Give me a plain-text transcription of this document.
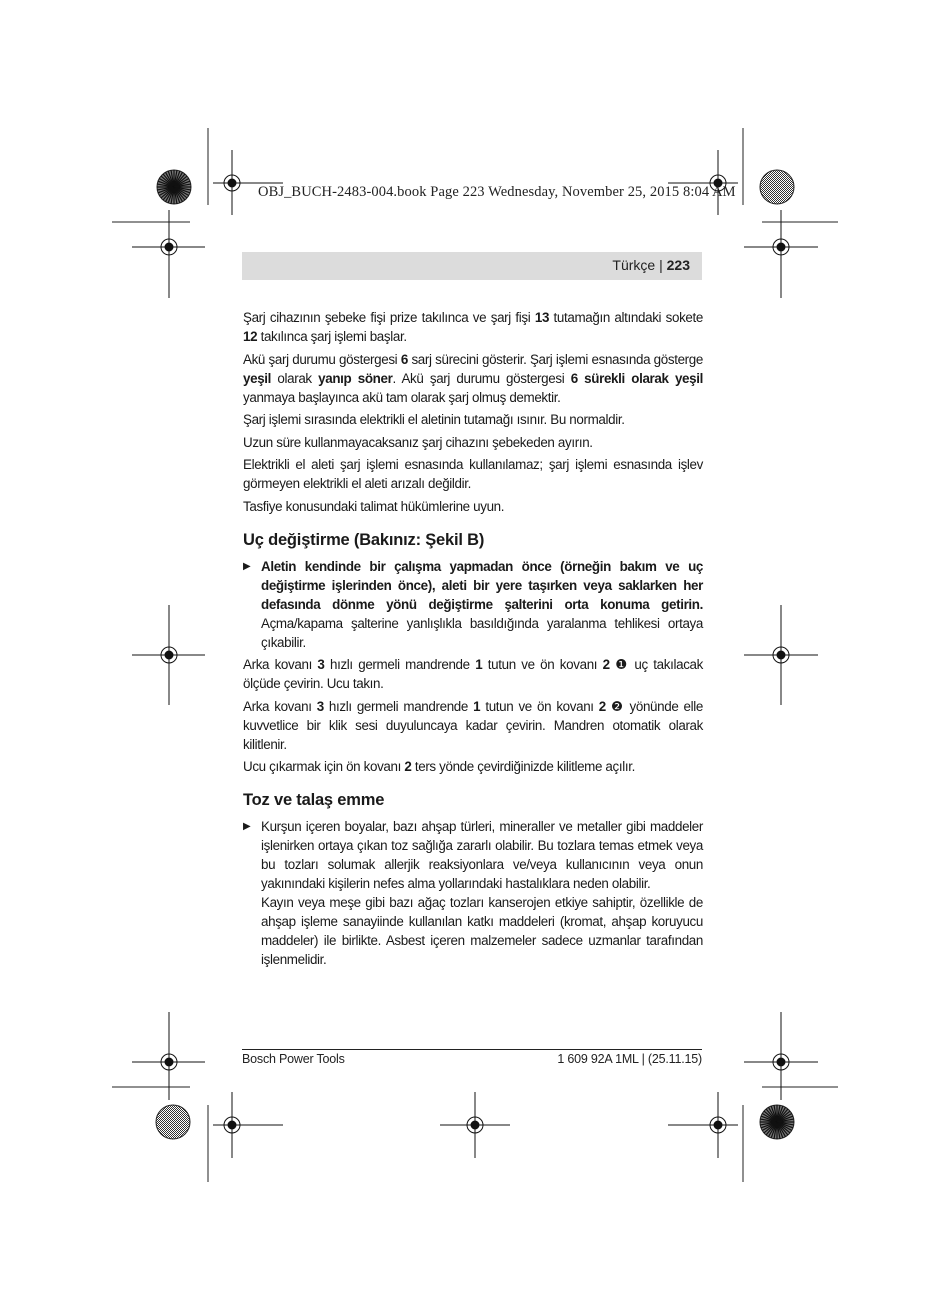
OBJ_BUCH-2483-004.book Page 223 Wednesday, November 25, 2015 8:04 AM
Türkçe | 223

Şarj cihazının şebeke fişi prize takılınca ve şarj fişi 13 tutamağın altındaki sokete 12 takılınca şarj işlemi başlar.

Akü şarj durumu göstergesi 6 sarj sürecini gösterir. Şarj işlemi esnasında gösterge yeşil olarak yanıp söner. Akü şarj durumu göstergesi 6 sürekli olarak yeşil yanmaya başlayınca akü tam olarak şarj olmuş demektir.

Şarj işlemi sırasında elektrikli el aletinin tutamağı ısınır. Bu normaldir.

Uzun süre kullanmayacaksanız şarj cihazını şebekeden ayırın.

Elektrikli el aleti şarj işlemi esnasında kullanılamaz; şarj işlemi esnasında işlev görmeyen elektrikli el aleti arızalı değildir.

Tasfiye konusundaki talimat hükümlerine uyun.

Uç değiştirme (Bakınız: Şekil B)
▶ Aletin kendinde bir çalışma yapmadan önce (örneğin bakım ve uç değiştirme işlerinden önce), aleti bir yere taşırken veya saklarken her defasında dönme yönü değiştirme şalterini orta konuma getirin. Açma/kapama şalterine yanlışlıkla basıldığında yaralanma tehlikesi ortaya çıkabilir.

Arka kovanı 3 hızlı germeli mandrende 1 tutun ve ön kovanı 2 ❶ uç takılacak ölçüde çevirin. Ucu takın.

Arka kovanı 3 hızlı germeli mandrende 1 tutun ve ön kovanı 2 ❷ yönünde elle kuvvetlice bir klik sesi duyuluncaya kadar çevirin. Mandren otomatik olarak kilitlenir.

Ucu çıkarmak için ön kovanı 2 ters yönde çevirdiğinizde kilitleme açılır.

Toz ve talaş emme
▶ Kurşun içeren boyalar, bazı ahşap türleri, mineraller ve metaller gibi maddeler işlenirken ortaya çıkan toz sağlığa zararlı olabilir. Bu tozlara temas etmek veya bu tozları solumak allerjik reaksiyonlara ve/veya kullanıcının veya onun yakınındaki kişilerin nefes alma yollarındaki hastalıklara neden olabilir.
Kayın veya meşe gibi bazı ağaç tozları kanserojen etkiye sahiptir, özellikle de ahşap işleme sanayiinde kullanılan katkı maddeleri (kromat, ahşap koruyucu maddeler) ile birlikte. Asbest içeren malzemeler sadece uzmanlar tarafından işlenmelidir.
Bosch Power Tools	1 609 92A 1ML | (25.11.15)
